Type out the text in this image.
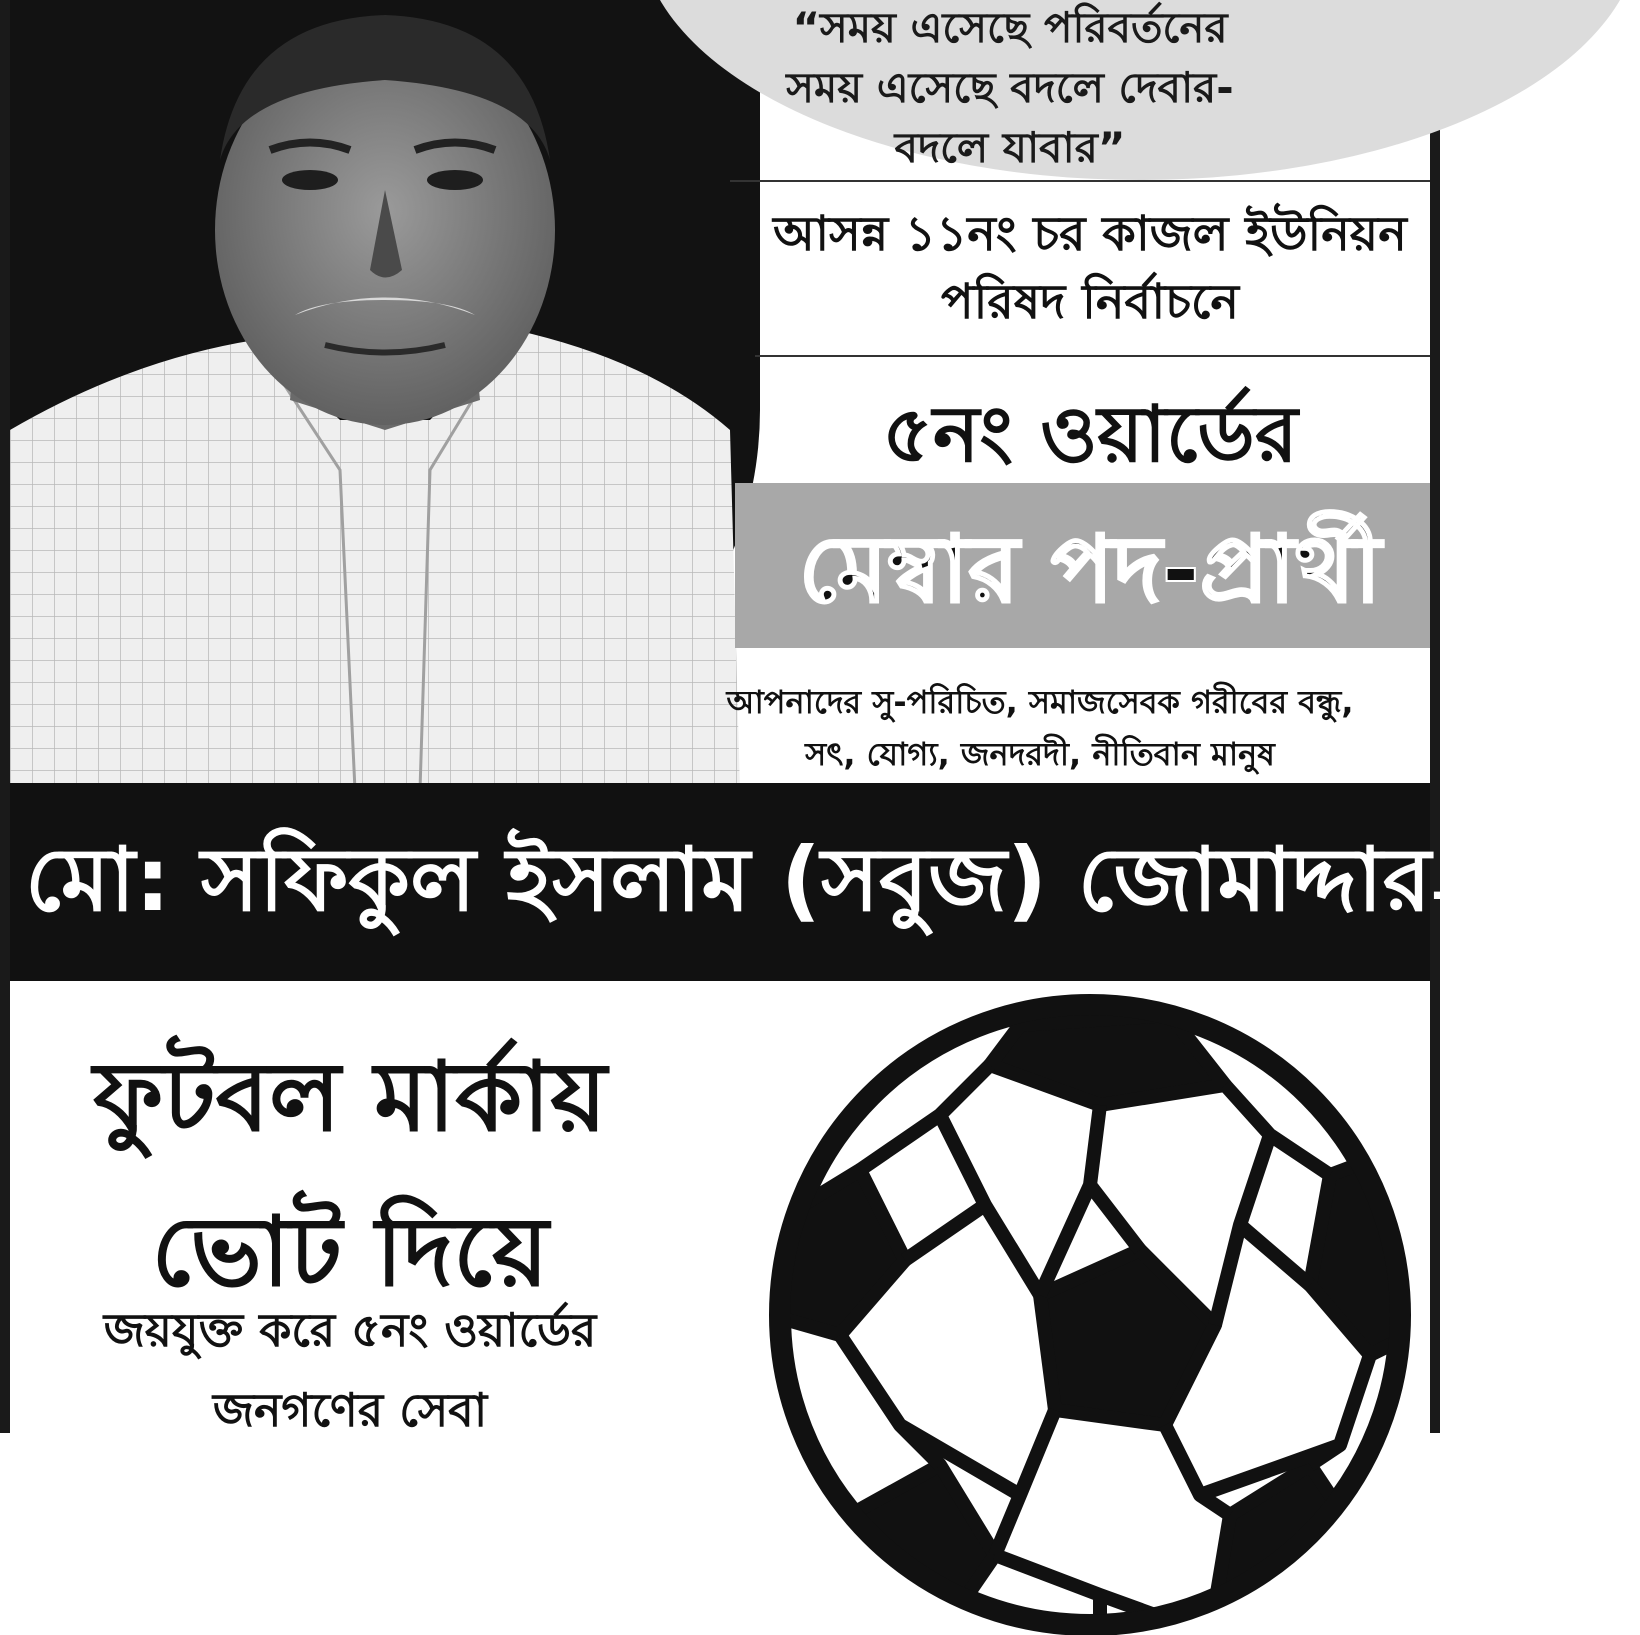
“সময় এসেছে পরিবর্তনের
সময় এসেছে বদলে দেবার-
বদলে যাবার”
আসন্ন ১১নং চর কাজল ইউনিয়ন
পরিষদ নির্বাচনে
৫নং ওয়ার্ডের
মেম্বার পদ-প্রার্থী
আপনাদের সু-পরিচিত, সমাজসেবক গরীবের বন্ধু,
সৎ, যোগ্য, জনদরদী, নীতিবান মানুষ
মো: সফিকুল ইসলাম (সবুজ) জোমাদ্দার-কে
ফুটবল মার্কায়
ভোট দিয়ে
জয়যুক্ত করে ৫নং ওয়ার্ডের
জনগণের সেবা
